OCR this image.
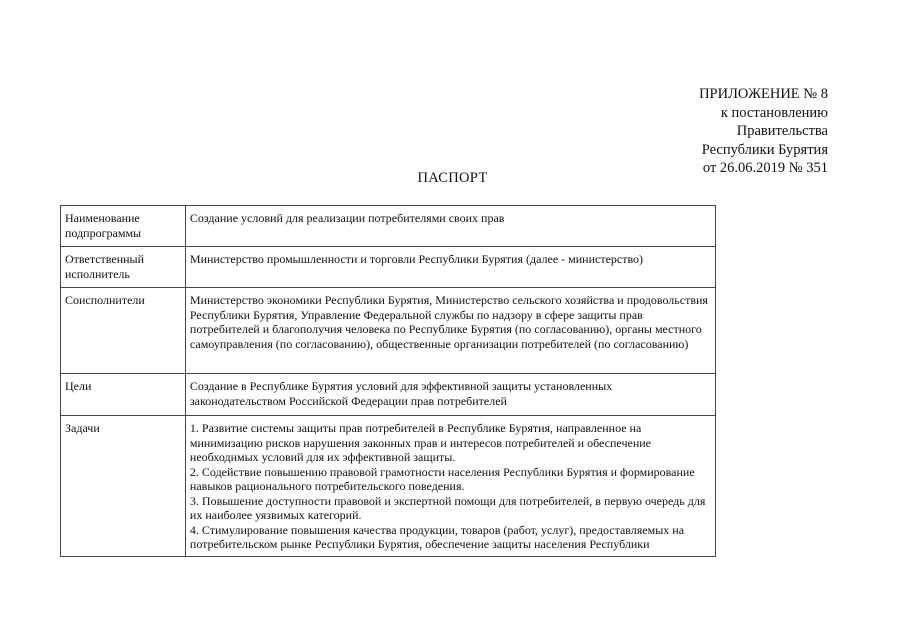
ПРИЛОЖЕНИЕ № 8
к постановлению
Правительства
Республики Бурятия
от 26.06.2019 № 351
ПАСПОРТ
Наименование подпрограммы	Создание условий для реализации потребителями своих прав
Ответственный исполнитель	Министерство промышленности и торговли Республики Бурятия (далее - министерство)
Соисполнители	Министерство экономики Республики Бурятия, Министерство сельского хозяйства и продовольствия Республики Бурятия, Управление Федеральной службы по надзору в сфере защиты прав потребителей и благополучия человека по Республике Бурятия (по согласованию), органы местного самоуправления (по согласованию), общественные организации потребителей (по согласованию)
Цели	Создание в Республике Бурятия условий для эффективной защиты установленных законодательством Российской Федерации прав потребителей
Задачи	1. Развитие системы защиты прав потребителей в Республике Бурятия, направленное на минимизацию рисков нарушения законных прав и интересов потребителей и обеспечение необходимых условий для их эффективной защиты.
2. Содействие повышению правовой грамотности населения Республики Бурятия и формирование навыков рационального потребительского поведения.
3. Повышение доступности правовой и экспертной помощи для потребителей, в первую очередь для их наиболее уязвимых категорий.
4. Стимулирование повышения качества продукции, товаров (работ, услуг), предоставляемых на потребительском рынке Республики Бурятия, обеспечение защиты населения Республики
